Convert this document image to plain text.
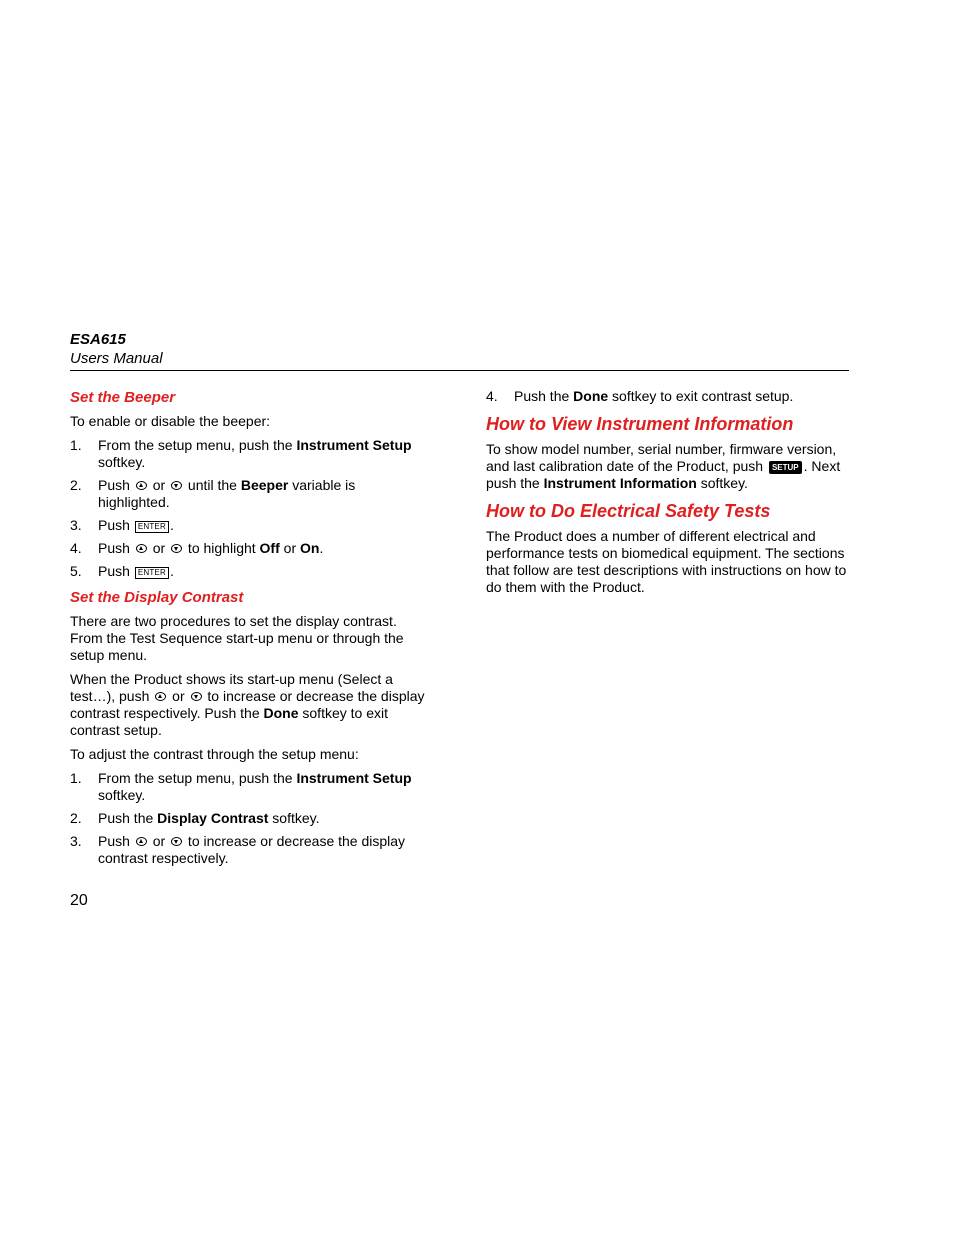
ESA615
Users Manual
Set the Beeper

To enable or disable the beeper:

1. From the setup menu, push the Instrument Setup softkey.
2. Push  or  until the Beeper variable is highlighted.
3. Push ENTER .
4. Push  or  to highlight Off or On.
5. Push ENTER .
Set the Display Contrast

There are two procedures to set the display contrast. From the Test Sequence start-up menu or through the setup menu.

When the Product shows its start-up menu (Select a test…), push  or  to increase or decrease the display contrast respectively. Push the Done softkey to exit contrast setup.

To adjust the contrast through the setup menu:

1. From the setup menu, push the Instrument Setup softkey.
2. Push the Display Contrast softkey.
3. Push  or  to increase or decrease the display contrast respectively.
4. Push the Done softkey to exit contrast setup.
How to View Instrument Information

To show model number, serial number, firmware version, and last calibration date of the Product, push SETUP . Next push the Instrument Information softkey.

How to Do Electrical Safety Tests

The Product does a number of different electrical and performance tests on biomedical equipment. The sections that follow are test descriptions with instructions on how to do them with the Product.

20
